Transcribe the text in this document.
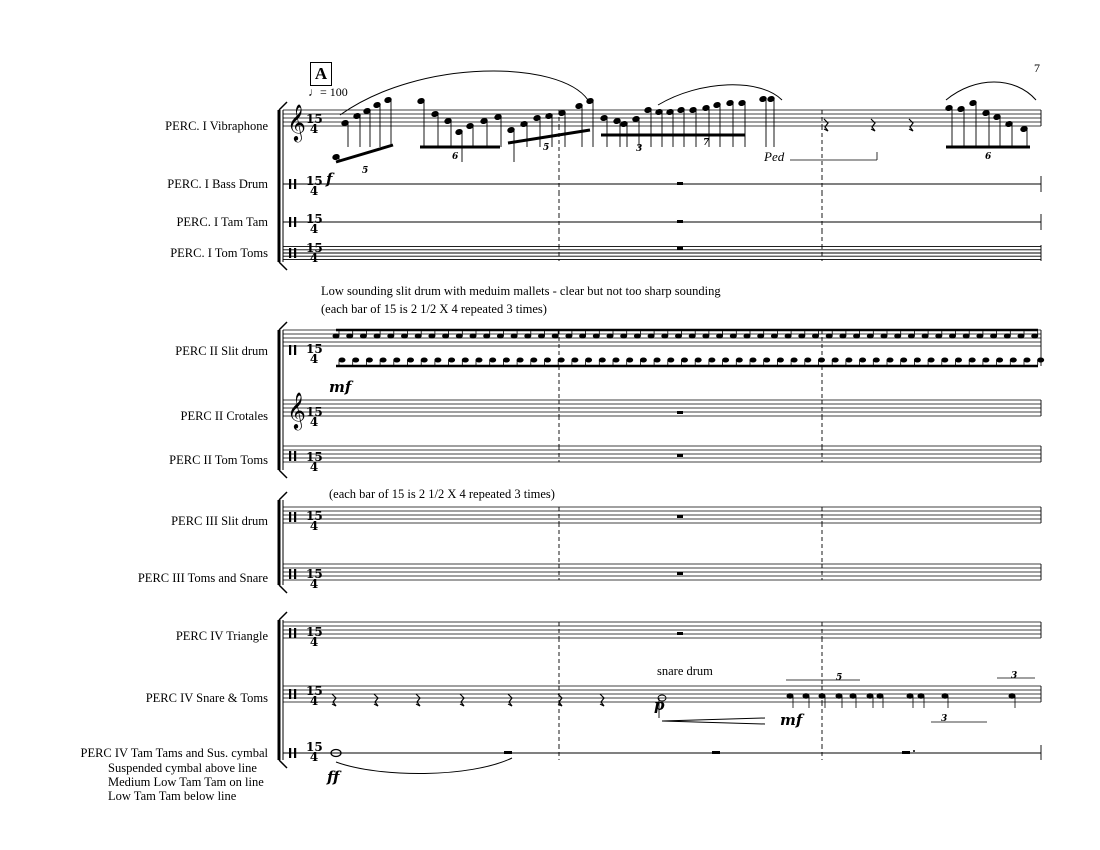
𝄞
𝄞
7
A
♩= 100
PERC. I Vibraphone
PERC. I Bass Drum
PERC. I Tam Tam
PERC. I Tom Toms
PERC II Slit drum
PERC II Crotales
PERC II Tom Toms
PERC III Slit drum
PERC III Toms and Snare
PERC IV Triangle
PERC IV Snare & Toms
PERC IV Tam Tams and Sus. cymbal
Suspended cymbal above line
Medium Low Tam Tam on line
Low Tam Tam below line
15
4
15
4
15
4
15
4
15
4
15
4
15
4
15
4
15
4
15
4
15
4
15
4
Low sounding slit drum with meduim mallets - clear but not too sharp sounding
(each bar of 15 is 2 1/2 X 4 repeated 3 times)
(each bar of 15 is 2 1/2 X 4 repeated 3 times)
snare drum
Ped
f
mf
p
mf
ff
5
6
5	3
7
6
5
3
3
